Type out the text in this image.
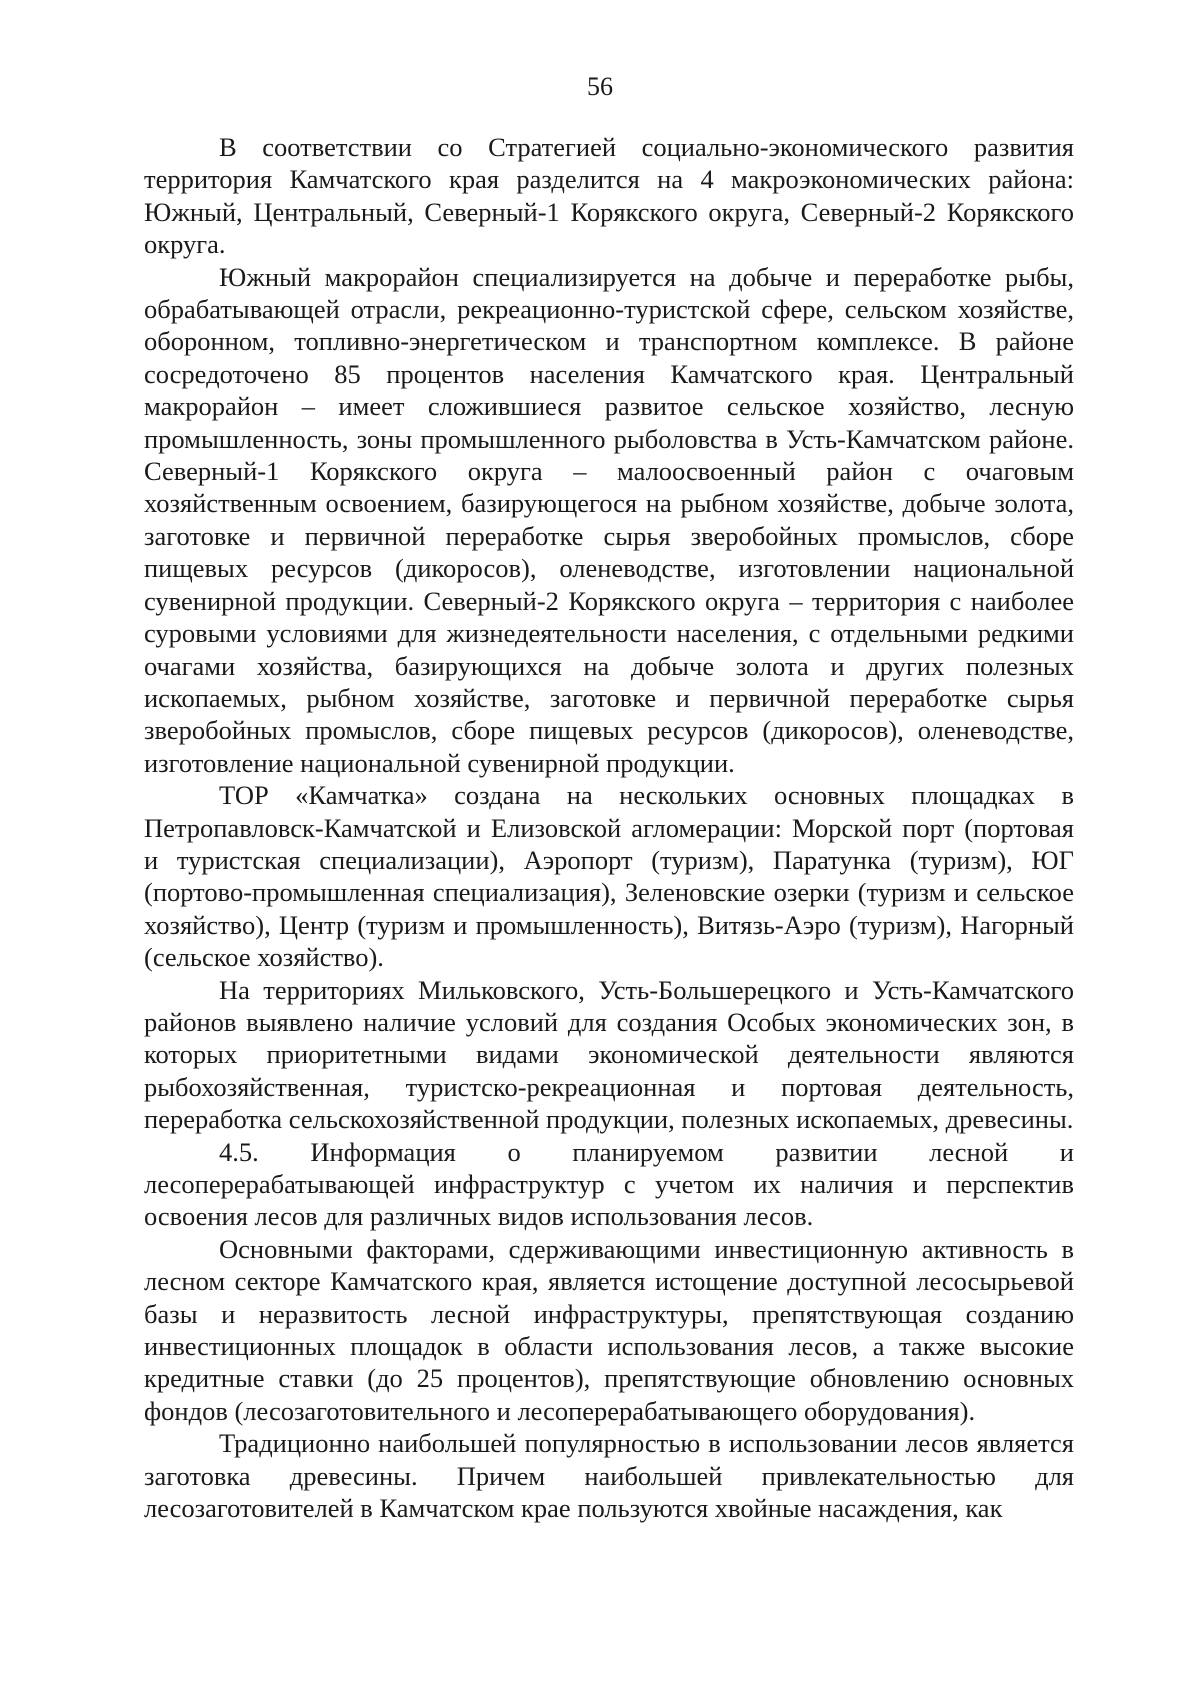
56

В соответствии со Стратегией социально-экономического развития территория Камчатского края разделится на 4 макроэкономических района: Южный, Центральный, Северный-1 Корякского округа, Северный-2 Корякского округа.

Южный макрорайон специализируется на добыче и переработке рыбы, обрабатывающей отрасли, рекреационно-туристской сфере, сельском хозяйстве, оборонном, топливно-энергетическом и транспортном комплексе. В районе сосредоточено 85 процентов населения Камчатского края. Центральный макрорайон – имеет сложившиеся развитое сельское хозяйство, лесную промышленность, зоны промышленного рыболовства в Усть-Камчатском районе. Северный-1 Корякского округа – малоосвоенный район с очаговым хозяйственным освоением, базирующегося на рыбном хозяйстве, добыче золота, заготовке и первичной переработке сырья зверобойных промыслов, сборе пищевых ресурсов (дикоросов), оленеводстве, изготовлении национальной сувенирной продукции. Северный-2 Корякского округа – территория с наиболее суровыми условиями для жизнедеятельности населения, с отдельными редкими очагами хозяйства, базирующихся на добыче золота и других полезных ископаемых, рыбном хозяйстве, заготовке и первичной переработке сырья зверобойных промыслов, сборе пищевых ресурсов (дикоросов), оленеводстве, изготовление национальной сувенирной продукции.

ТОР «Камчатка» создана на нескольких основных площадках в Петропавловск-Камчатской и Елизовской агломерации: Морской порт (портовая и туристская специализации), Аэропорт (туризм), Паратунка (туризм), ЮГ (портово-промышленная специализация), Зеленовские озерки (туризм и сельское хозяйство), Центр (туризм и промышленность), Витязь-Аэро (туризм), Нагорный (сельское хозяйство).

На территориях Мильковского, Усть-Большерецкого и Усть-Камчатского районов выявлено наличие условий для создания Особых экономических зон, в которых приоритетными видами экономической деятельности являются рыбохозяйственная, туристско-рекреационная и портовая деятельность, переработка сельскохозяйственной продукции, полезных ископаемых, древесины.

4.5. Информация о планируемом развитии лесной и лесоперерабатывающей инфраструктур с учетом их наличия и перспектив освоения лесов для различных видов использования лесов.

Основными факторами, сдерживающими инвестиционную активность в лесном секторе Камчатского края, является истощение доступной лесосырьевой базы и неразвитость лесной инфраструктуры, препятствующая созданию инвестиционных площадок в области использования лесов, а также высокие кредитные ставки (до 25 процентов), препятствующие обновлению основных фондов (лесозаготовительного и лесоперерабатывающего оборудования).

Традиционно наибольшей популярностью в использовании лесов является заготовка древесины. Причем наибольшей привлекательностью для лесозаготовителей в Камчатском крае пользуются хвойные насаждения, как
